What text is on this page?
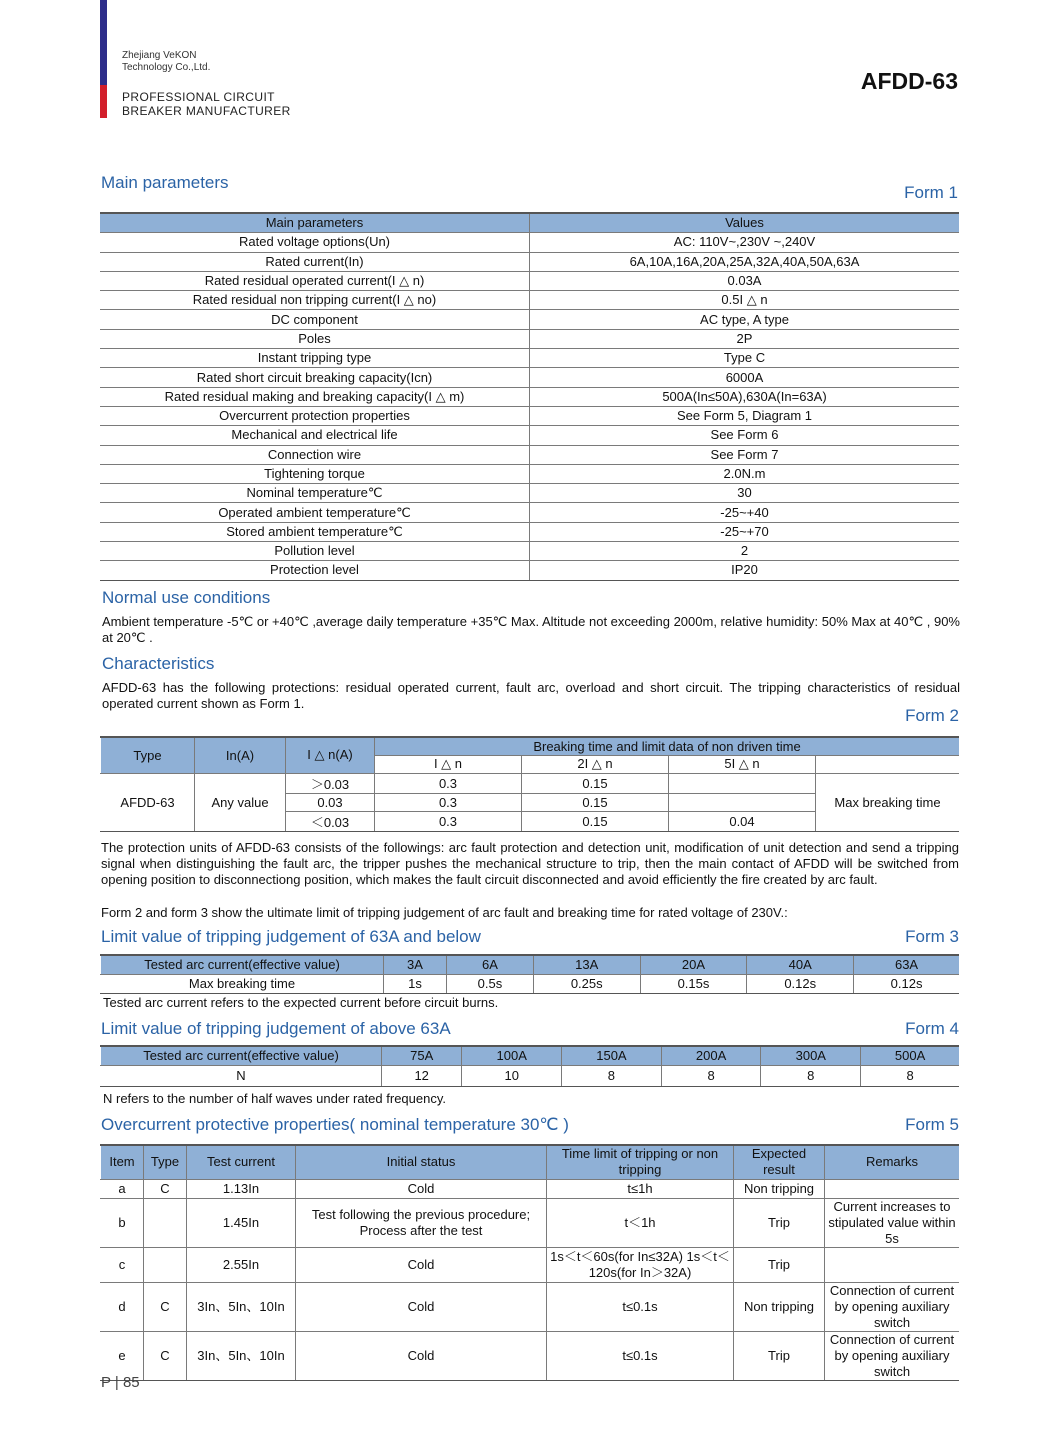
Zhejiang VeKON
Technology Co.,Ltd.
PROFESSIONAL CIRCUIT
BREAKER MANUFACTURER
AFDD-63
Main parameters
Form 1
Main parameters	Values
Rated voltage options(Un)	AC: 110V~,230V ~,240V
Rated current(In)	6A,10A,16A,20A,25A,32A,40A,50A,63A
Rated residual operated current(I △ n)	0.03A
Rated residual non tripping current(I △ no)	0.5I △ n
DC component	AC type, A type
Poles	2P
Instant tripping type	Type C
Rated short circuit breaking capacity(Icn)	6000A
Rated residual making and breaking capacity(I △ m)	500A(In≤50A),630A(In=63A)
Overcurrent protection properties	See Form 5, Diagram 1
Mechanical and electrical life	See Form 6
Connection wire	See Form 7
Tightening torque	2.0N.m
Nominal temperature℃	30
Operated ambient temperature℃	-25~+40
Stored ambient temperature℃	-25~+70
Pollution level	2
Protection level	IP20
Normal use conditions
Ambient temperature -5℃ or +40℃ ,average daily temperature +35℃ Max. Altitude not exceeding 2000m, relative humidity: 50% Max at 40℃ , 90% at 20℃ .
Characteristics
AFDD-63 has the following protections: residual operated current, fault arc, overload and short circuit. The tripping characteristics of residual operated current shown as Form 1.
Form 2
Type	In(A)	I △ n(A)	Breaking time and limit data of non driven time			
			I △ n	2I △ n	5I △ n	
AFDD-63	Any value	＞0.03	0.3	0.15		Max breaking time
		0.03	0.3	0.15		
		＜0.03	0.3	0.15	0.04	
The protection units of AFDD-63 consists of the followings: arc fault protection and detection unit, modification of unit detection and send a tripping signal when distinguishing the fault arc, the tripper pushes the mechanical structure to trip, then the main contact of AFDD will be switched from opening position to disconnectiong position, which makes the fault circuit disconnected and avoid efficiently the fire created by arc fault.
Form 2 and form 3 show the ultimate limit of tripping judgement of arc fault and breaking time for rated voltage of 230V.:
Limit value of tripping judgement of 63A and below	Form 3
Tested arc current(effective value)	3A	6A	13A	20A	40A	63A
Max breaking time	1s	0.5s	0.25s	0.15s	0.12s	0.12s
Tested arc current refers to the expected current before circuit burns.
Limit value of tripping judgement of above 63A	Form 4
Tested arc current(effective value)	75A	100A	150A	200A	300A	500A
N	12	10	8	8	8	8
N refers to the number of half waves under rated frequency.
Overcurrent protective properties( nominal temperature 30℃ )	Form 5
Item	Type	Test current	Initial status	Time limit of tripping or non tripping	Expected result	Remarks
a	C	1.13In	Cold	t≤1h	Non tripping	
b		1.45In	Test following the previous procedure; Process after the test	t＜1h	Trip	Current increases to stipulated value within 5s
c		2.55In	Cold	1s＜t＜60s(for In≤32A) 1s＜t＜120s(for In＞32A)	Trip	
d	C	3In、5In、10In	Cold	t≤0.1s	Non tripping	Connection of current by opening auxiliary switch
e	C	3In、5In、10In	Cold	t≤0.1s	Trip	Connection of current by opening auxiliary switch
P | 85
